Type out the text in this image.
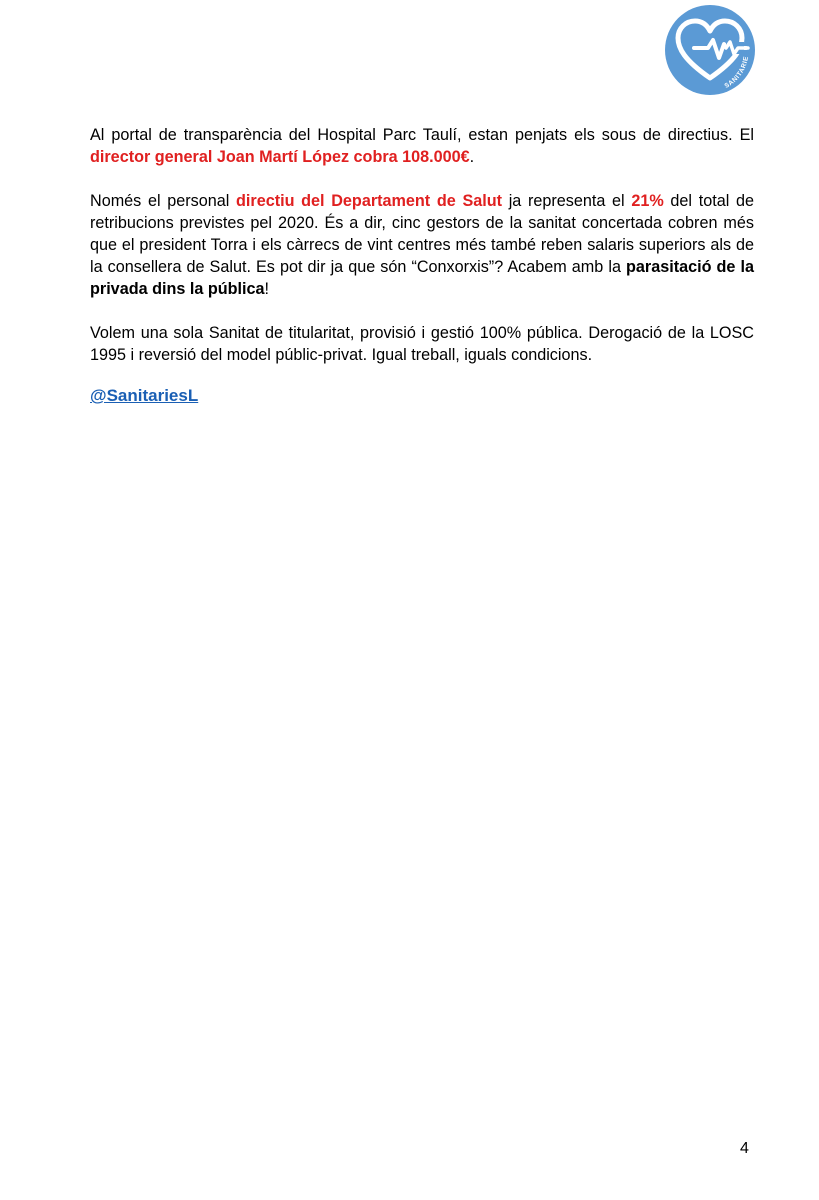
SANITARIE

Al portal de transparència del Hospital Parc Taulí, estan penjats els sous de directius. El director general Joan Martí López cobra 108.000€.

Només el personal directiu del Departament de Salut ja representa el 21% del total de retribucions previstes pel 2020. És a dir, cinc gestors de la sanitat concertada cobren més que el president Torra i els càrrecs de vint centres més també reben salaris superiors als de la consellera de Salut. Es pot dir ja que són “Conxorxis”? Acabem amb la parasitació de la privada dins la pública!

Volem una sola Sanitat de titularitat, provisió i gestió 100% pública. Derogació de la LOSC 1995 i reversió del model públic-privat. Igual treball, iguals condicions.

@SanitariesL
4
